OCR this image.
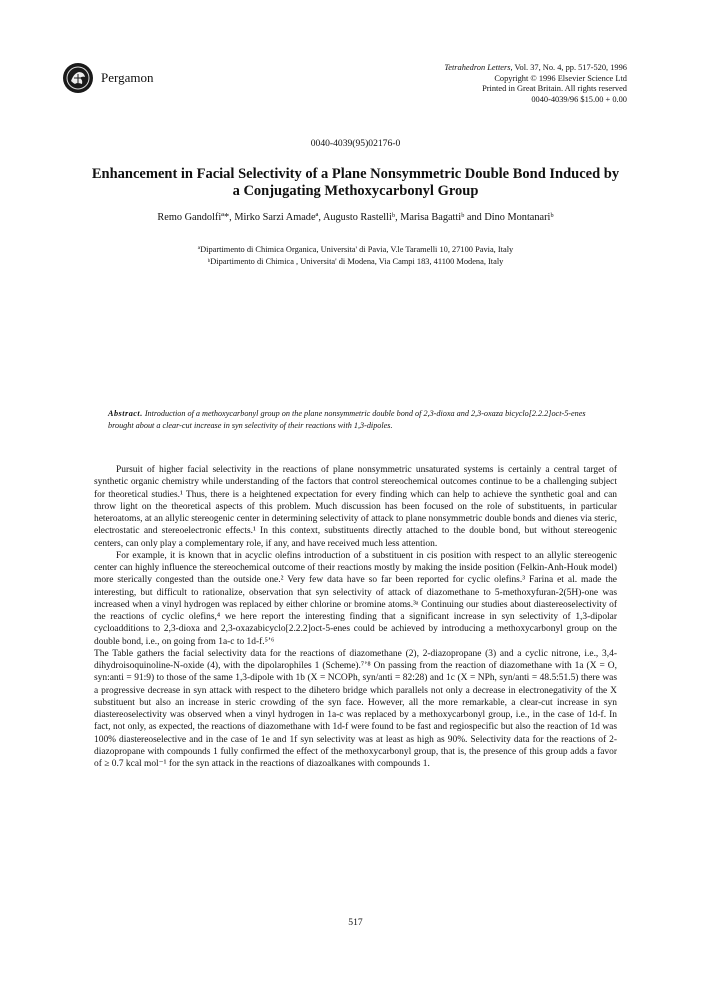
Pergamon
Tetrahedron Letters, Vol. 37, No. 4, pp. 517-520, 1996
Copyright © 1996 Elsevier Science Ltd
Printed in Great Britain. All rights reserved
0040-4039/96 $15.00 + 0.00
0040-4039(95)02176-0
Enhancement in Facial Selectivity of a Plane Nonsymmetric Double Bond Induced by a Conjugating Methoxycarbonyl Group
Remo Gandolfiª*, Mirko Sarzi Amadeª, Augusto Rastelliᵇ, Marisa Bagattiᵇ and Dino Montanariᵇ
ªDipartimento di Chimica Organica, Universita' di Pavia, V.le Taramelli 10, 27100 Pavia, Italy
ᵇDipartimento di Chimica , Universita' di Modena, Via Campi 183, 41100 Modena, Italy
Abstract. Introduction of a methoxycarbonyl group on the plane nonsymmetric double bond of 2,3-dioxa and 2,3-oxaza bicyclo[2.2.2]oct-5-enes brought about a clear-cut increase in syn selectivity of their reactions with 1,3-dipoles.

Pursuit of higher facial selectivity in the reactions of plane nonsymmetric unsaturated systems is certainly a central target of synthetic organic chemistry while understanding of the factors that control stereochemical outcomes continue to be a challenging subject for theoretical studies.¹ Thus, there is a heightened expectation for every finding which can help to achieve the synthetic goal and can throw light on the theoretical aspects of this problem. Much discussion has been focused on the role of substituents, in particular heteroatoms, at an allylic stereogenic center in determining selectivity of attack to plane nonsymmetric double bonds and dienes via steric, electrostatic and stereoelectronic effects.¹ In this context, substituents directly attached to the double bond, but without stereogenic centers, can only play a complementary role, if any, and have received much less attention.

For example, it is known that in acyclic olefins introduction of a substituent in cis position with respect to an allylic stereogenic center can highly influence the stereochemical outcome of their reactions mostly by making the inside position (Felkin-Anh-Houk model) more sterically congested than the outside one.² Very few data have so far been reported for cyclic olefins.³ Farina et al. made the interesting, but difficult to rationalize, observation that syn selectivity of attack of diazomethane to 5-methoxyfuran-2(5H)-one was increased when a vinyl hydrogen was replaced by either chlorine or bromine atoms.³ᵃ Continuing our studies about diastereoselectivity of the reactions of cyclic olefins,⁴ we here report the interesting finding that a significant increase in syn selectivity of 1,3-dipolar cycloadditions to 2,3-dioxa and 2,3-oxazabicyclo[2.2.2]oct-5-enes could be achieved by introducing a methoxycarbonyl group on the double bond, i.e., on going from 1a-c to 1d-f.⁵ʼ⁶

The Table gathers the facial selectivity data for the reactions of diazomethane (2), 2-diazopropane (3) and a cyclic nitrone, i.e., 3,4-dihydroisoquinoline-N-oxide (4), with the dipolarophiles 1 (Scheme).⁷ʼ⁸ On passing from the reaction of diazomethane with 1a (X = O, syn:anti = 91:9) to those of the same 1,3-dipole with 1b (X = NCOPh, syn/anti = 82:28) and 1c (X = NPh, syn/anti = 48.5:51.5) there was a progressive decrease in syn attack with respect to the dihetero bridge which parallels not only a decrease in electronegativity of the X substituent but also an increase in steric crowding of the syn face. However, all the more remarkable, a clear-cut increase in syn diastereoselectivity was observed when a vinyl hydrogen in 1a-c was replaced by a methoxycarbonyl group, i.e., in the case of 1d-f. In fact, not only, as expected, the reactions of diazomethane with 1d-f were found to be fast and regiospecific but also the reaction of 1d was 100% diastereoselective and in the case of 1e and 1f syn selectivity was at least as high as 90%. Selectivity data for the reactions of 2-diazopropane with compounds 1 fully confirmed the effect of the methoxycarbonyl group, that is, the presence of this group adds a favor of ≥ 0.7 kcal mol⁻¹ for the syn attack in the reactions of diazoalkanes with compounds 1.

517
